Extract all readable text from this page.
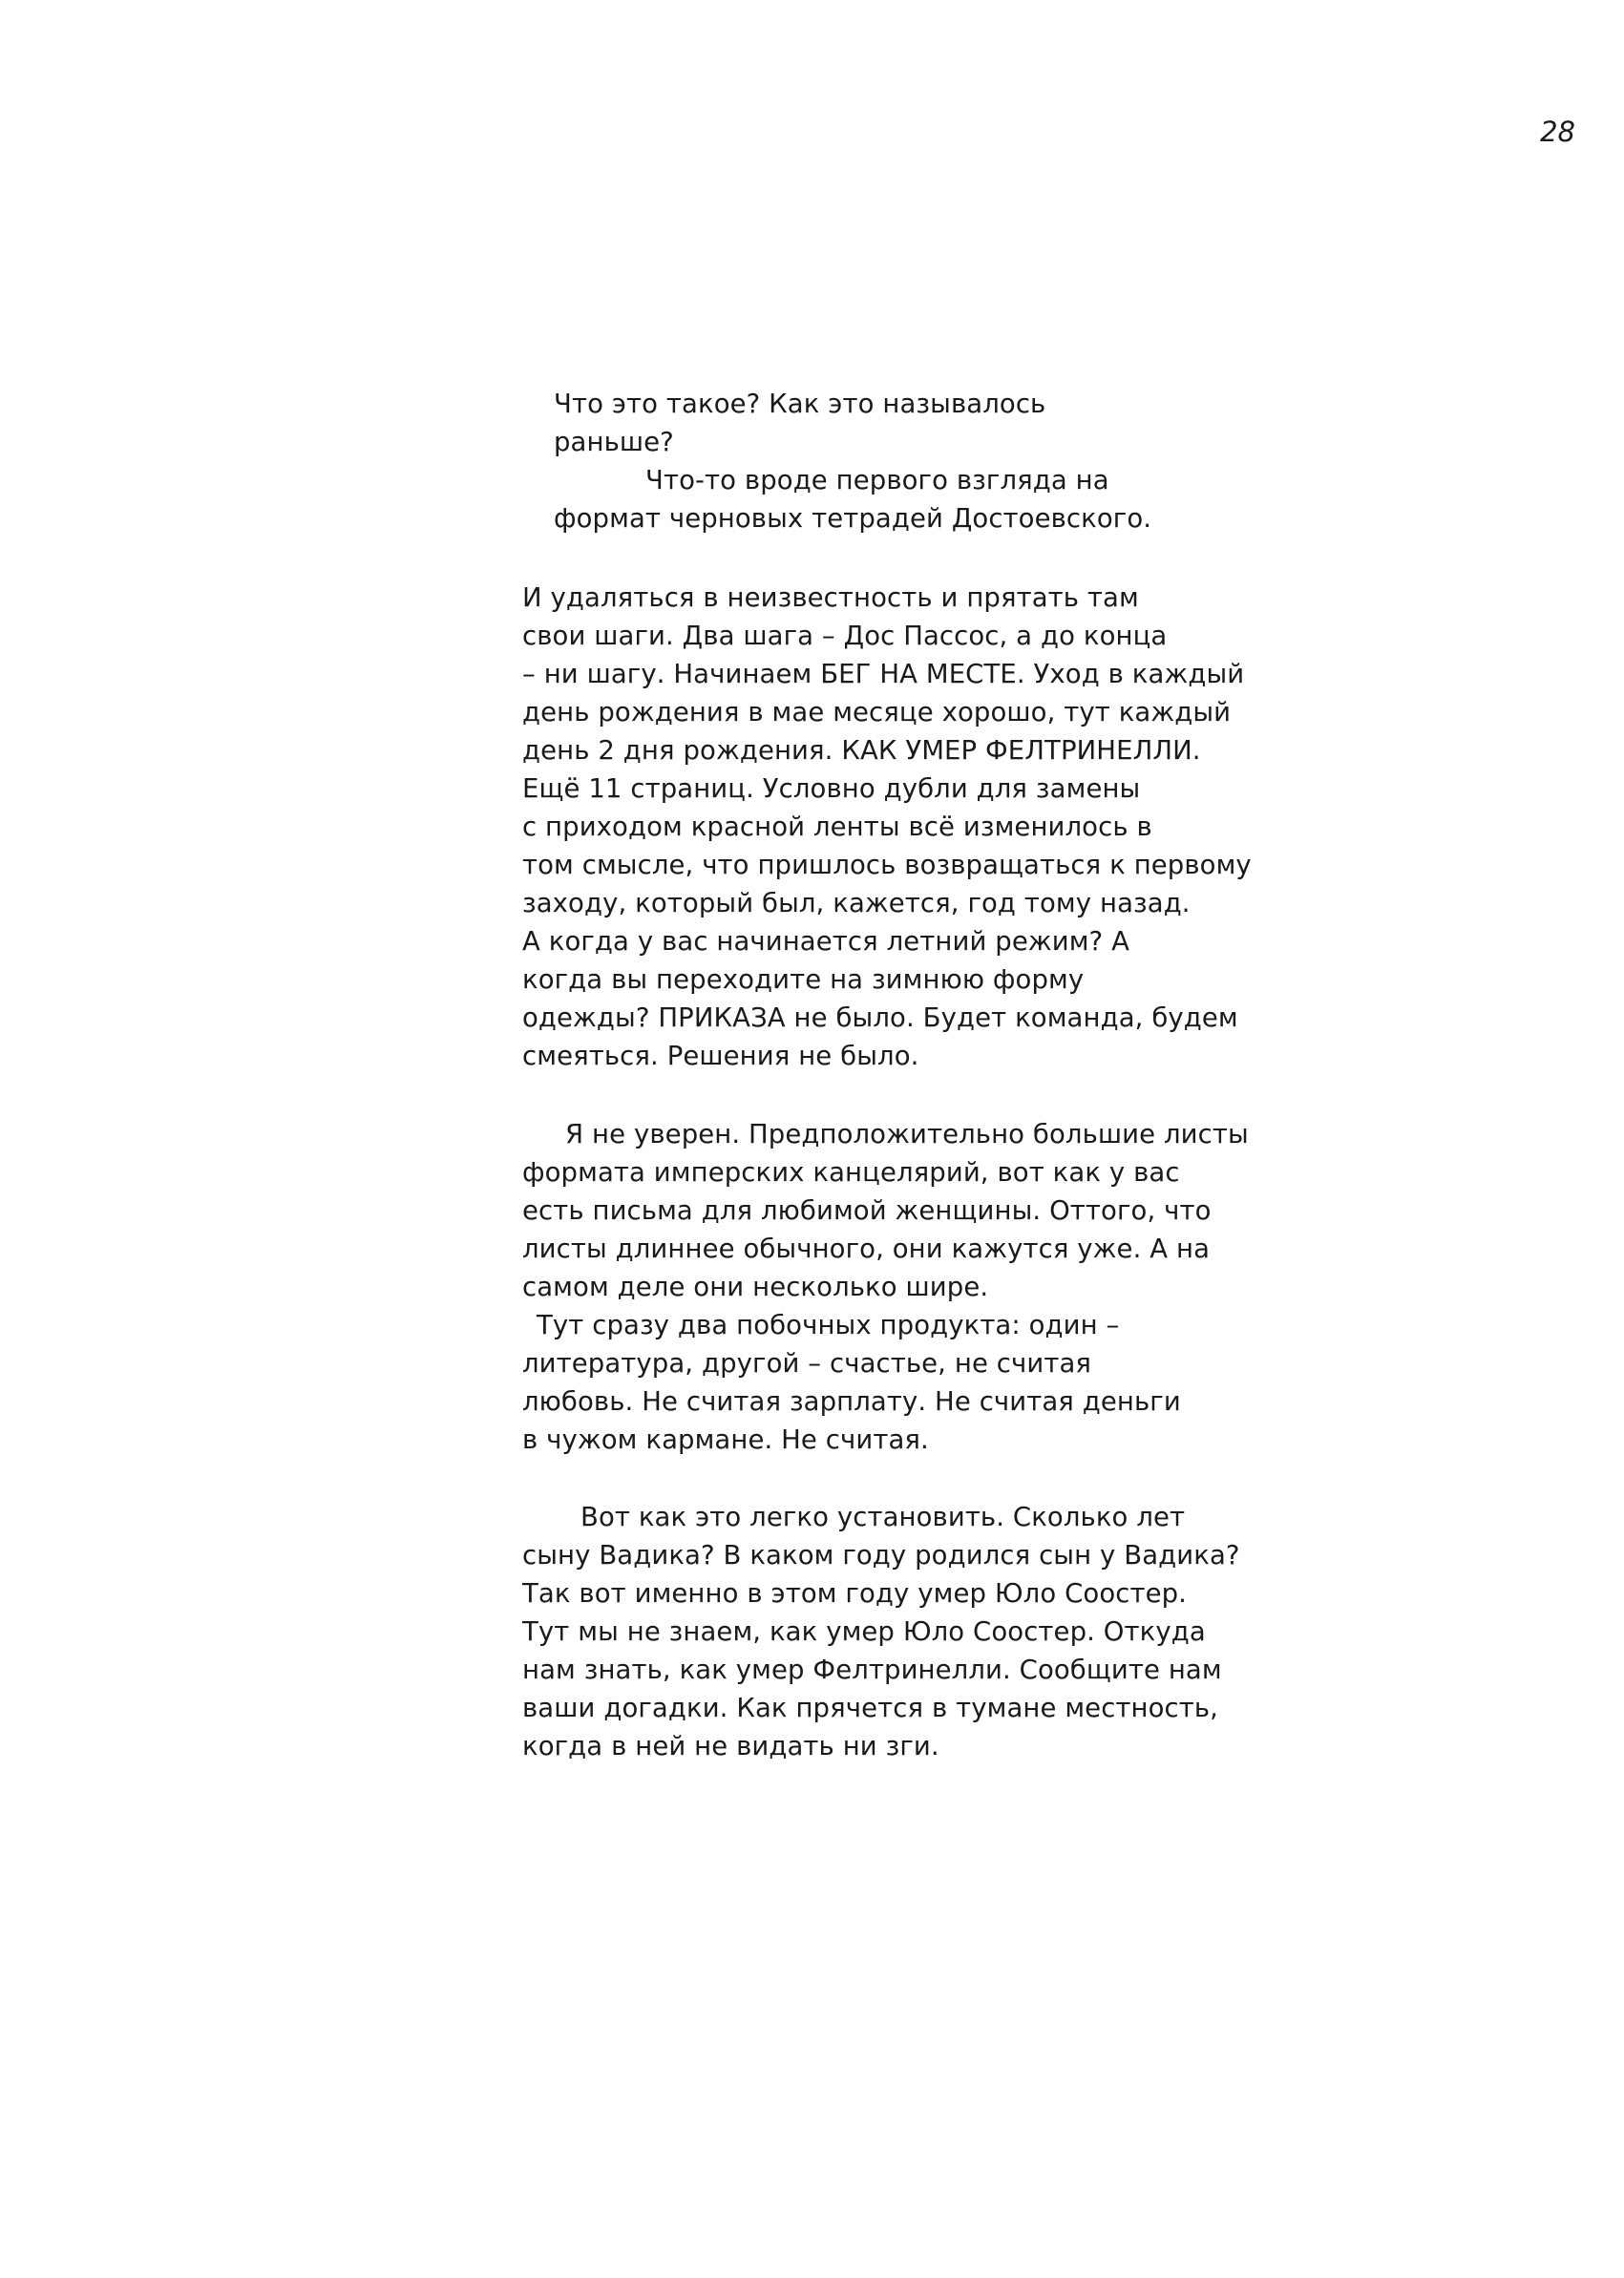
28
Что это такое? Как это называлось
раньше?
Что-то вроде первого взгляда на
формат черновых тетрадей Достоевского.
И удаляться в неизвестность и прятать там
свои шаги. Два шага – Дос Пассос, а до конца
– ни шагу. Начинаем БЕГ НА МЕСТЕ. Уход в каждый
день рождения в мае месяце хорошо, тут каждый
день 2 дня рождения. КАК УМЕР ФЕЛТРИНЕЛЛИ.
Ещё 11 страниц. Условно дубли для замены
с приходом красной ленты всё изменилось в
том смысле, что пришлось возвращаться к первому
заходу, который был, кажется, год тому назад.
А когда у вас начинается летний режим? А
когда вы переходите на зимнюю форму
одежды? ПРИКАЗА не было. Будет команда, будем
смеяться. Решения не было.
Я не уверен. Предположительно большие листы
формата имперских канцелярий, вот как у вас
есть письма для любимой женщины. Оттого, что
листы длиннее обычного, они кажутся уже. А на
самом деле они несколько шире.
Тут сразу два побочных продукта: один –
литература, другой – счастье, не считая
любовь. Не считая зарплату. Не считая деньги
в чужом кармане. Не считая.
Вот как это легко установить. Сколько лет
сыну Вадика? В каком году родился сын у Вадика?
Так вот именно в этом году умер Юло Соостер.
Тут мы не знаем, как умер Юло Соостер. Откуда
нам знать, как умер Фелтринелли. Сообщите нам
ваши догадки. Как прячется в тумане местность,
когда в ней не видать ни зги.
